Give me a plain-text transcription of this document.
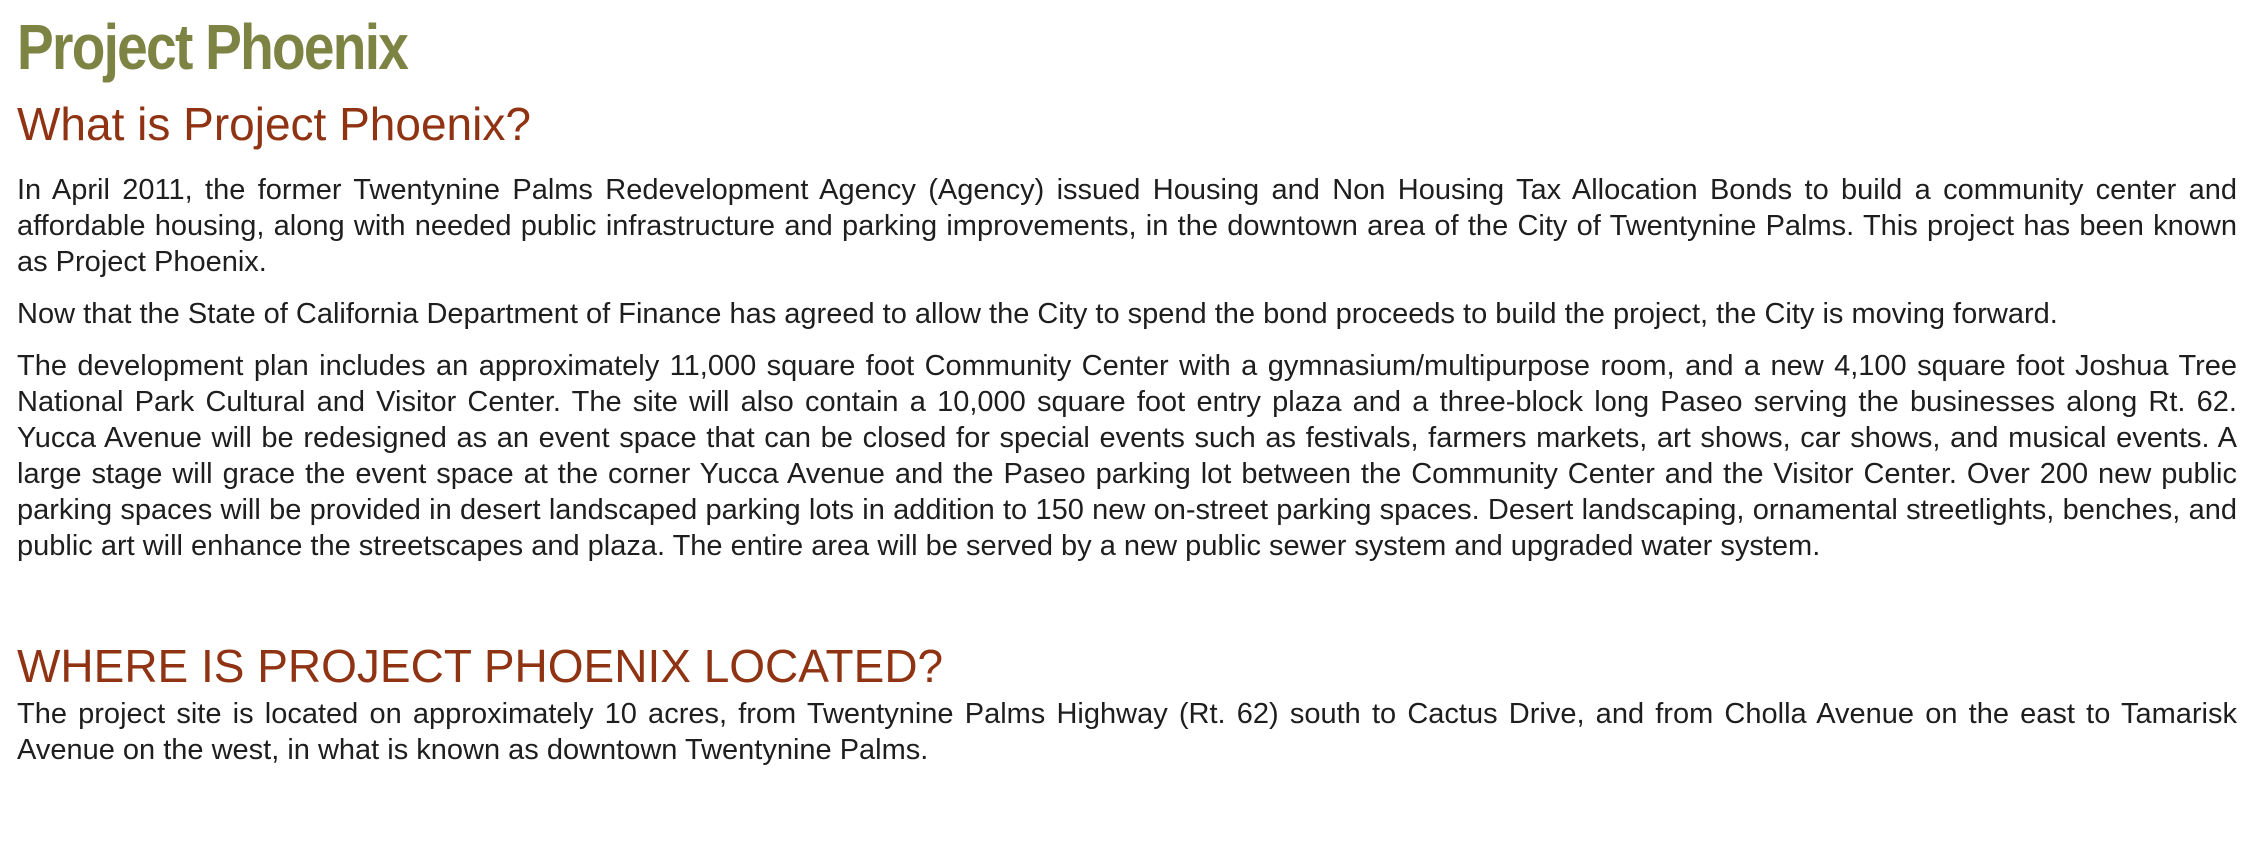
Project Phoenix
What is Project Phoenix?

In April 2011, the former Twentynine Palms Redevelopment Agency (Agency) issued Housing and Non Housing Tax Allocation Bonds to build a community center and affordable housing, along with needed public infrastructure and parking improvements, in the downtown area of the City of Twentynine Palms. This project has been known as Project Phoenix.

Now that the State of California Department of Finance has agreed to allow the City to spend the bond proceeds to build the project, the City is moving forward.

The development plan includes an approximately 11,000 square foot Community Center with a gymnasium/multipurpose room, and a new 4,100 square foot Joshua Tree National Park Cultural and Visitor Center. The site will also contain a 10,000 square foot entry plaza and a three-block long Paseo serving the businesses along Rt. 62. Yucca Avenue will be redesigned as an event space that can be closed for special events such as festivals, farmers markets, art shows, car shows, and musical events. A large stage will grace the event space at the corner Yucca Avenue and the Paseo parking lot between the Community Center and the Visitor Center. Over 200 new public parking spaces will be provided in desert landscaped parking lots in addition to 150 new on-street parking spaces. Desert landscaping, ornamental streetlights, benches, and public art will enhance the streetscapes and plaza. The entire area will be served by a new public sewer system and upgraded water system.

WHERE IS PROJECT PHOENIX LOCATED?

The project site is located on approximately 10 acres, from Twentynine Palms Highway (Rt. 62) south to Cactus Drive, and from Cholla Avenue on the east to Tamarisk Avenue on the west, in what is known as downtown Twentynine Palms.
